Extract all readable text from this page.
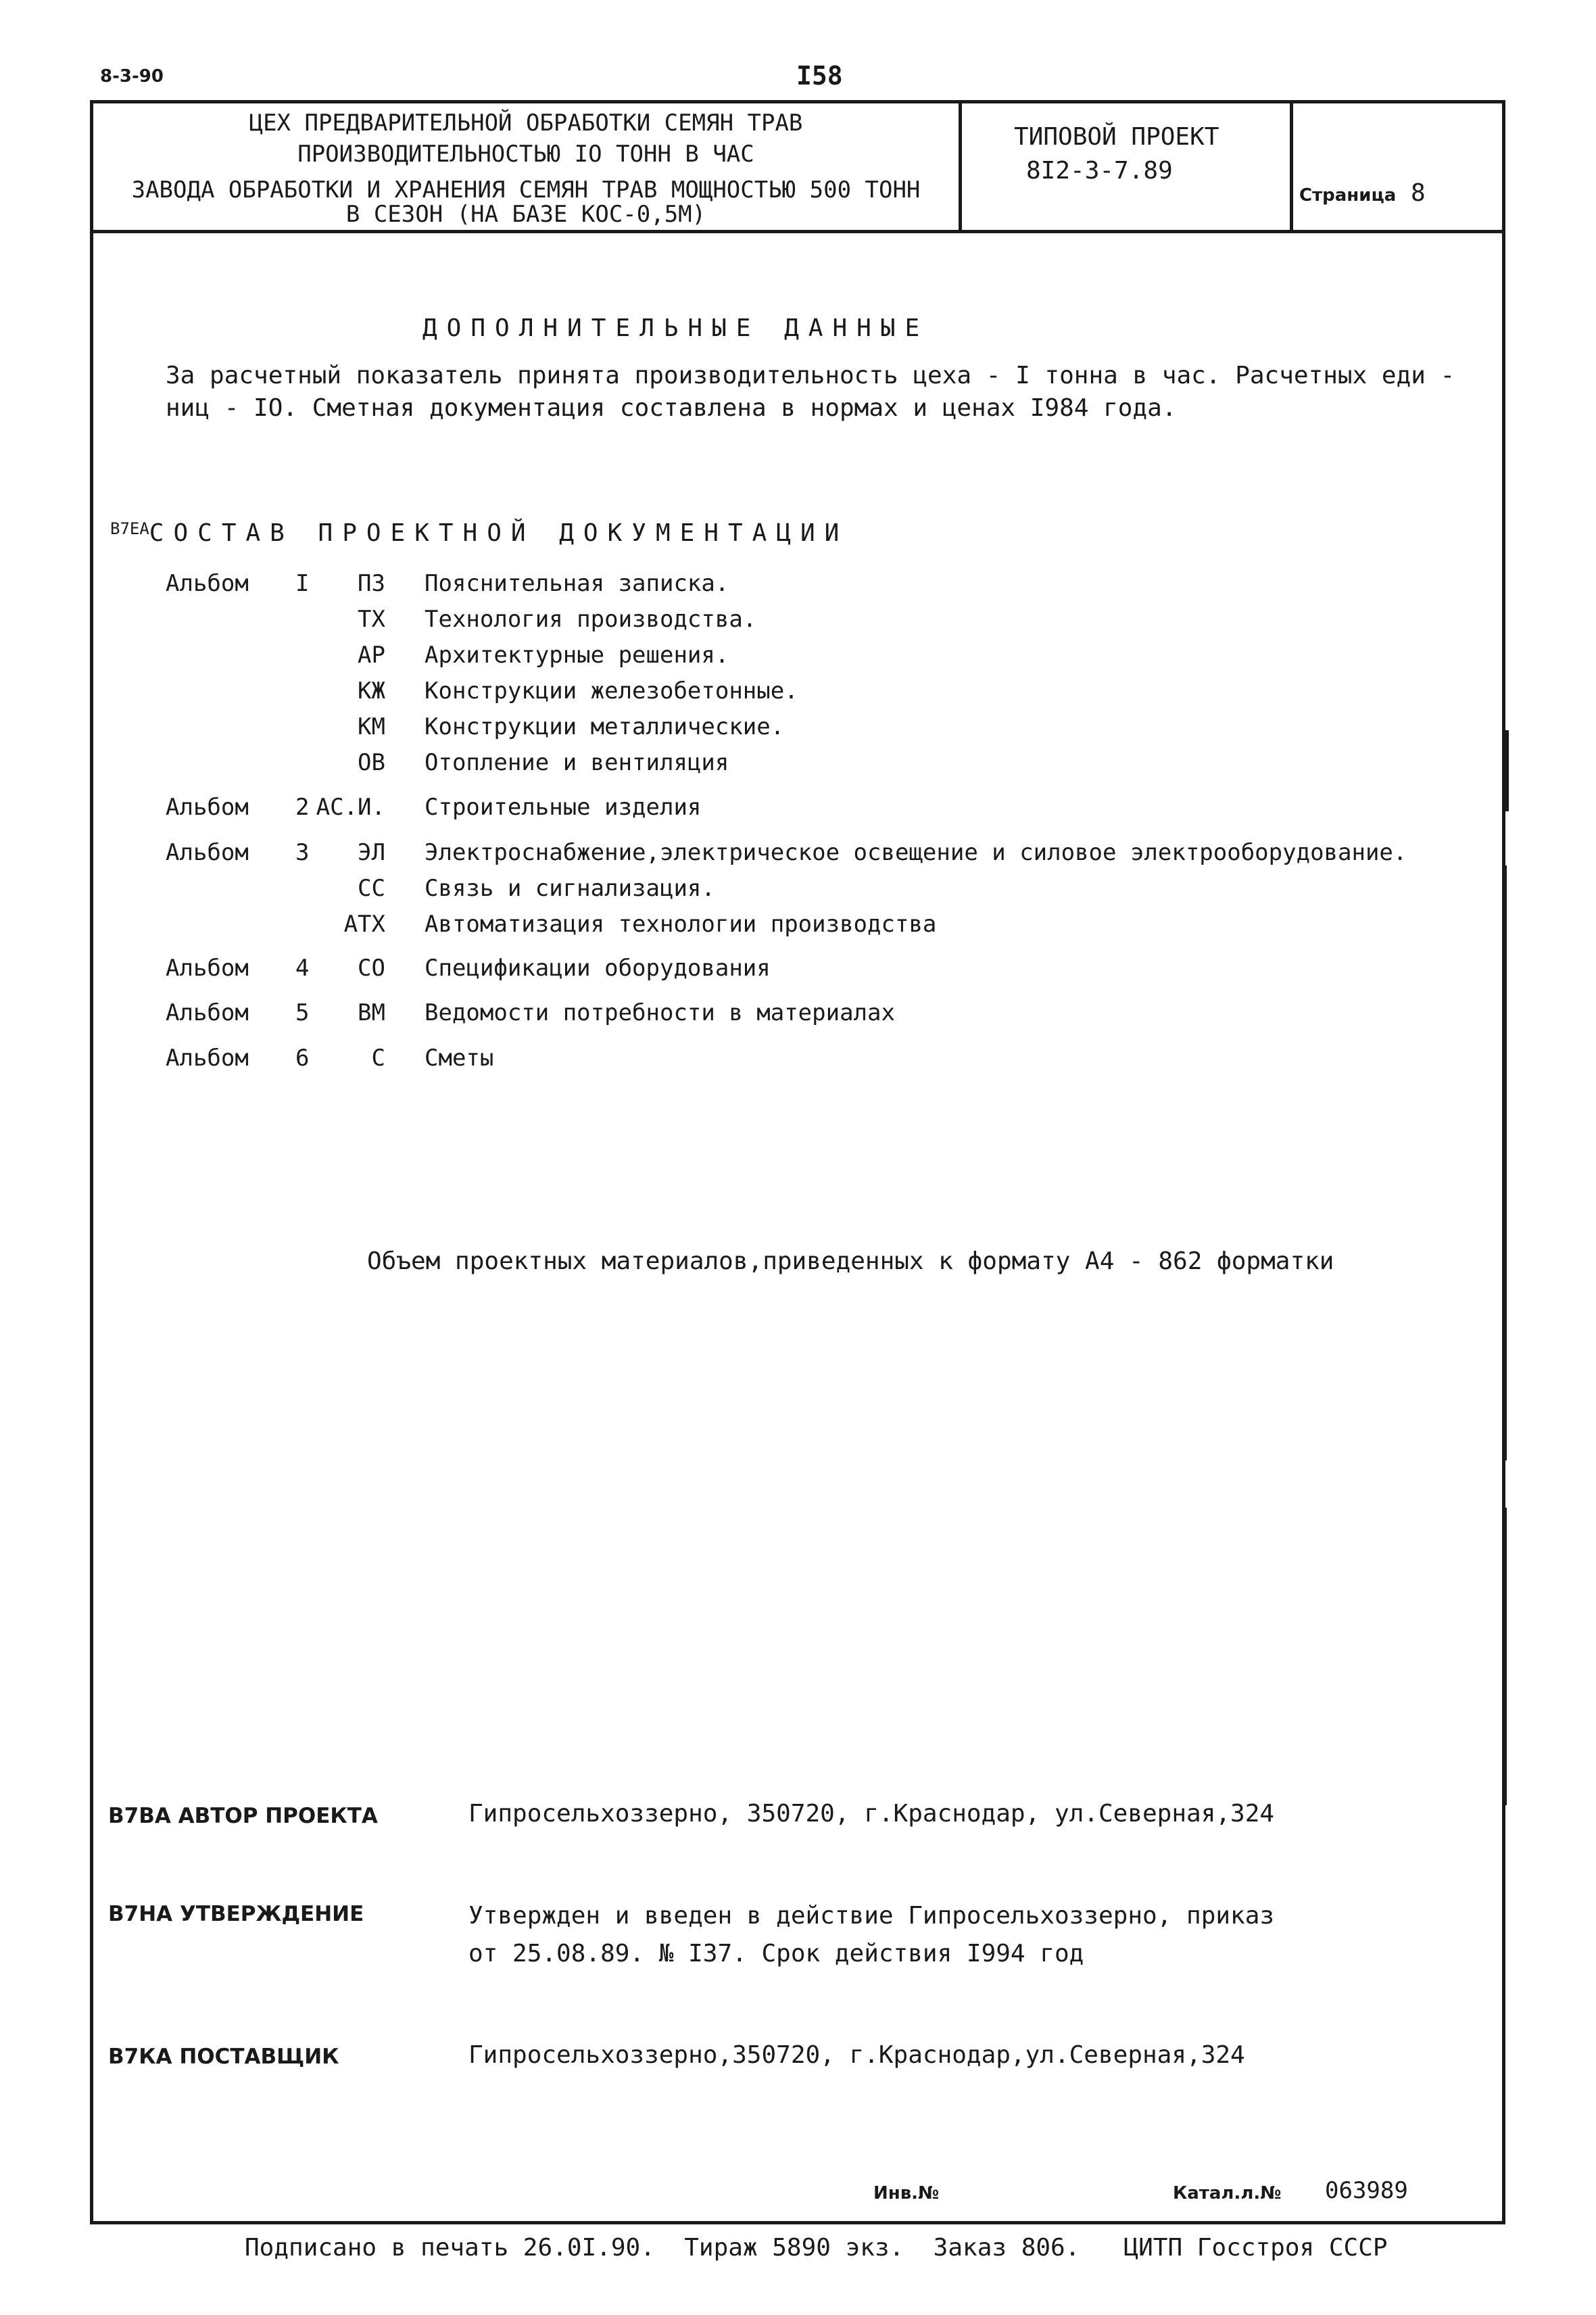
8-3-90	I58
ЦЕХ ПРЕДВАРИТЕЛЬНОЙ ОБРАБОТКИ СЕМЯН ТРАВ
ПРОИЗВОДИТЕЛЬНОСТЬЮ IO ТОНН В ЧАС
ЗАВОДА ОБРАБОТКИ И ХРАНЕНИЯ СЕМЯН ТРАВ МОЩНОСТЬЮ 500 ТОНН
В СЕЗОН (НА БАЗЕ КОС-0,5М)
ТИПОВОЙ ПРОЕКТ
8I2-3-7.89
Страница 8
ДОПОЛНИТЕЛЬНЫЕ ДАННЫЕ
За расчетный показатель принята производительность цеха - I тонна в час. Расчетных еди -
ниц - IO. Сметная документация составлена в нормах и ценах I984 года.
В7ЕАСОСТАВ ПРОЕКТНОЙ ДОКУМЕНТАЦИИ
Альбом I ПЗ Пояснительная записка.
ТХ Технология производства.
АР Архитектурные решения.
КЖ Конструкции железобетонные.
КМ Конструкции металлические.
ОВ Отопление и вентиляция
Альбом 2 АС.И. Строительные изделия
Альбом 3 ЭЛ Электроснабжение,электрическое освещение и силовое электрооборудование.
СС Связь и сигнализация.
АТХ Автоматизация технологии производства
Альбом 4 СО Спецификации оборудования
Альбом 5 ВМ Ведомости потребности в материалах
Альбом 6	С Сметы
Объем проектных материалов,приведенных к формату А4 - 862 форматки
В7ВА АВТОР ПРОЕКТА	Гипросельхоззерно, 350720, г.Краснодар, ул.Северная,324
В7НА УТВЕРЖДЕНИЕ	Утвержден и введен в действие Гипросельхоззерно, приказ
от 25.08.89. № I37. Срок действия I994 год
В7КА ПОСТАВЩИК	Гипросельхоззерно,350720, г.Краснодар,ул.Северная,324
Инв.№	Катал.л.№ 063989
Подписано в печать 26.0I.90.  Тираж 5890 экз.  Заказ 806.   ЦИТП Госстроя СССР
